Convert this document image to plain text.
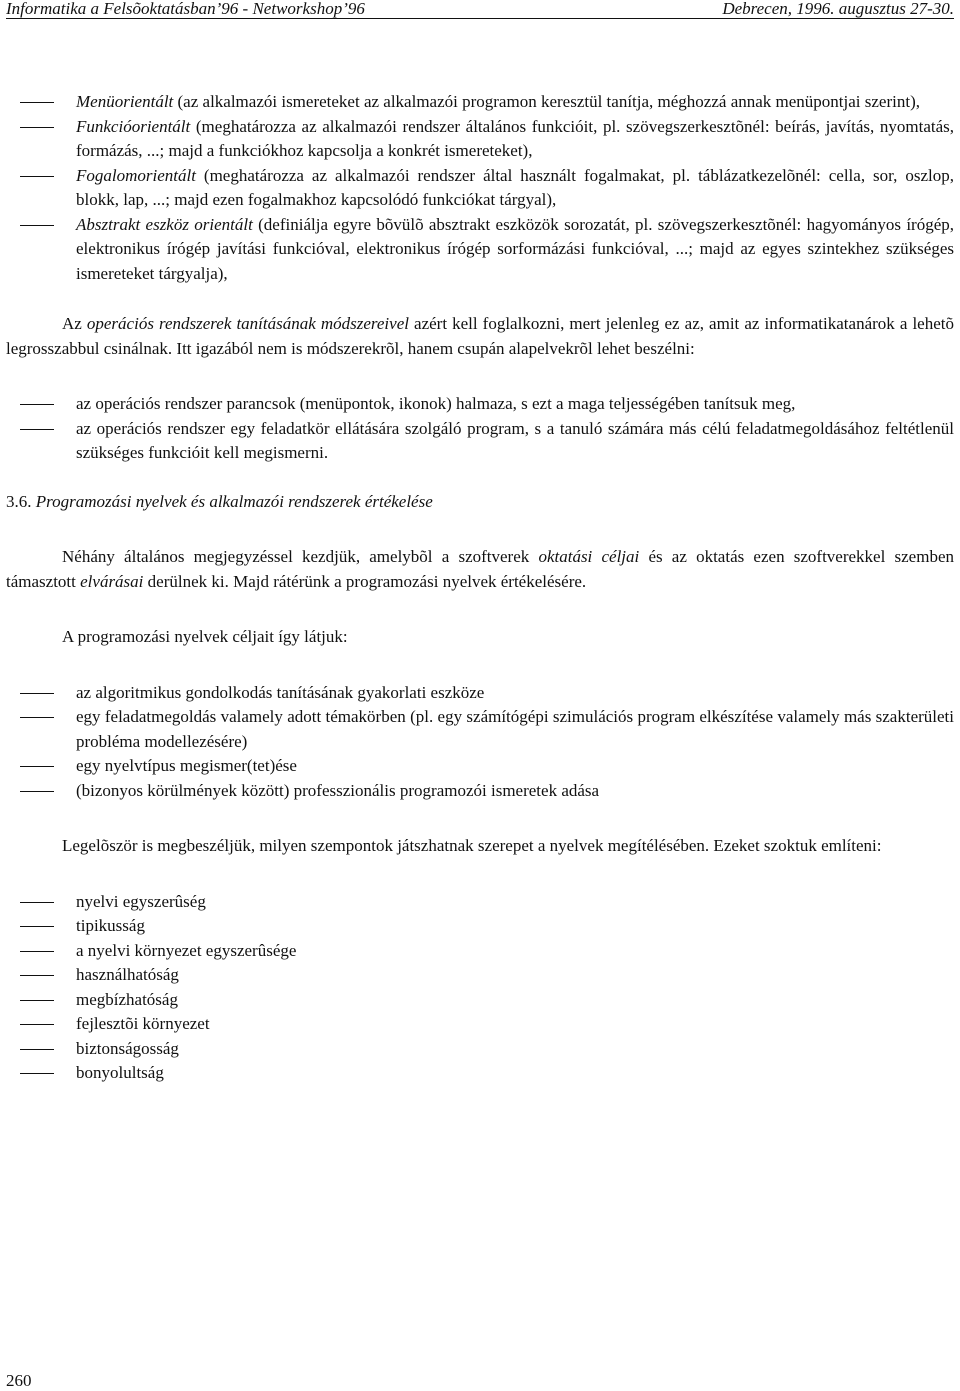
Informatika a Felsõoktatásban’96 - Networkshop’96	Debrecen, 1996. augusztus 27-30.
Menüorientált (az alkalmazói ismereteket az alkalmazói programon keresztül tanítja, méghozzá annak menüpontjai szerint),
Funkcióorientált (meghatározza az alkalmazói rendszer általános funkcióit, pl. szövegszerkesztõnél: beírás, javítás, nyomtatás, formázás, ...; majd a funkciókhoz kapcsolja a konkrét ismereteket),
Fogalomorientált (meghatározza az alkalmazói rendszer által használt fogalmakat, pl. táblázatkezelõnél: cella, sor, oszlop, blokk, lap, ...; majd ezen fogalmakhoz kapcsolódó funkciókat tárgyal),
Absztrakt eszköz orientált (definiálja egyre bõvülõ absztrakt eszközök sorozatát, pl. szövegszerkesztõnél: hagyományos írógép, elektronikus írógép javítási funkcióval, elektronikus írógép sorformázási funkcióval, ...; majd az egyes szintekhez szükséges ismereteket tárgyalja),

Az operációs rendszerek tanításának módszereivel azért kell foglalkozni, mert jelenleg ez az, amit az informatikatanárok a lehetõ legrosszabbul csinálnak. Itt igazából nem is módszerekrõl, hanem csupán alapelvekrõl lehet beszélni:

az operációs rendszer parancsok (menüpontok, ikonok) halmaza, s ezt a maga teljességében tanítsuk meg,
az operációs rendszer egy feladatkör ellátására szolgáló program, s a tanuló számára más célú feladatmegoldásához feltétlenül szükséges funkcióit kell megismerni.
3.6. Programozási nyelvek és alkalmazói rendszerek értékelése

Néhány általános megjegyzéssel kezdjük, amelybõl a szoftverek oktatási céljai és az oktatás ezen szoftverekkel szemben támasztott elvárásai derülnek ki. Majd rátérünk a programozási nyelvek értékelésére.

A programozási nyelvek céljait így látjuk:

az algoritmikus gondolkodás tanításának gyakorlati eszköze
egy feladatmegoldás valamely adott témakörben (pl. egy számítógépi szimulációs program elkészítése valamely más szakterületi probléma modellezésére)
egy nyelvtípus megismer(tet)ése
(bizonyos körülmények között) professzionális programozói ismeretek adása

Legelõször is megbeszéljük, milyen szempontok játszhatnak szerepet a nyelvek megítélésében. Ezeket szoktuk említeni:

nyelvi egyszerûség
tipikusság
a nyelvi környezet egyszerûsége
használhatóság
megbízhatóság
fejlesztõi környezet
biztonságosság
bonyolultság
260
